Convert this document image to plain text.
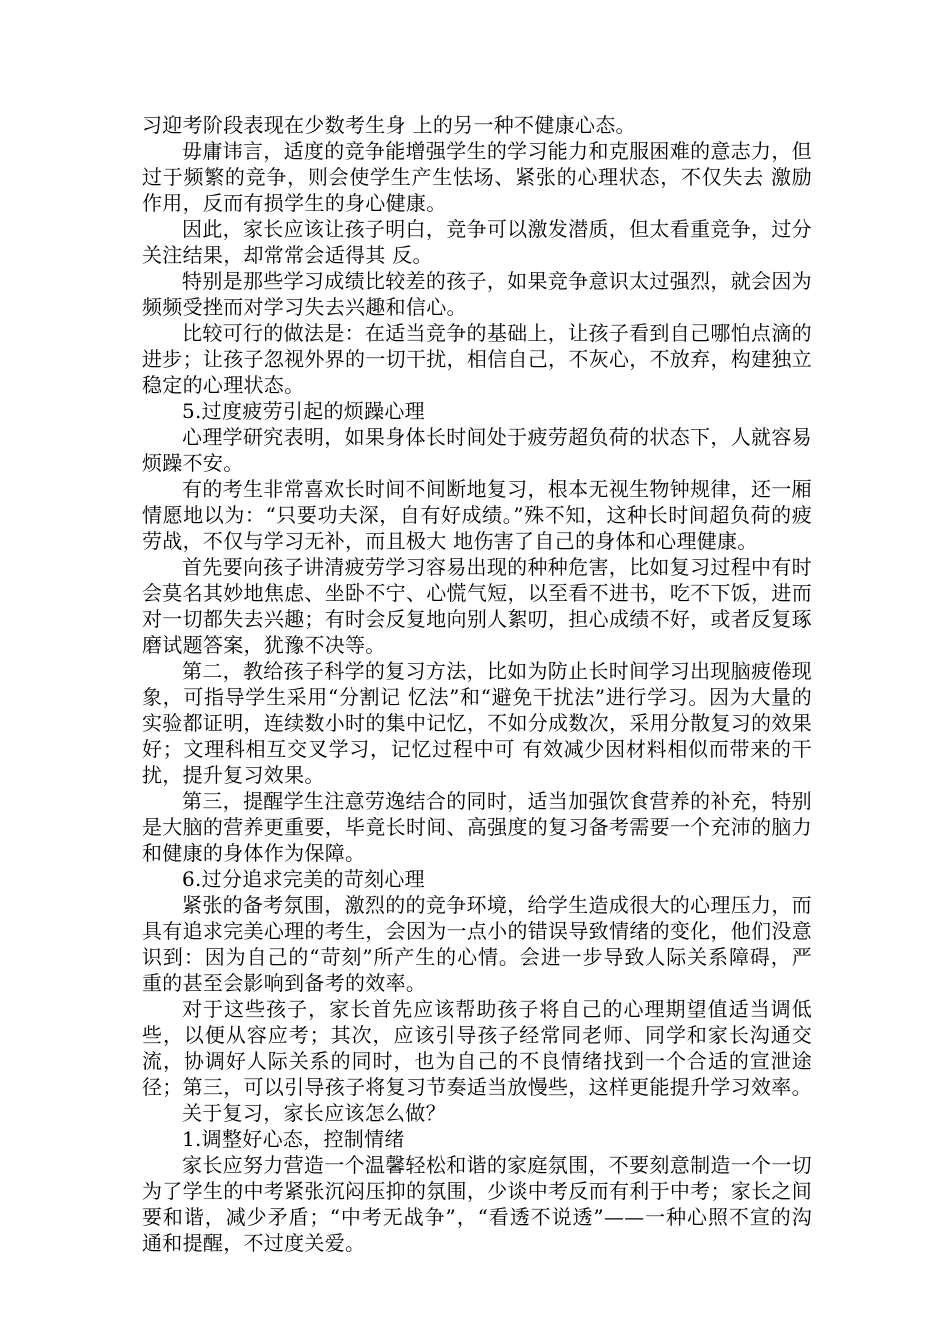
习迎考阶段表现在少数考生身 上的另一种不健康心态。

毋庸讳言，适度的竞争能增强学生的学习能力和克服困难的意志力，但过于频繁的竞争，则会使学生产生怯场、紧张的心理状态，不仅失去 激励作用，反而有损学生的身心健康。

因此，家长应该让孩子明白，竞争可以激发潜质，但太看重竞争，过分关注结果，却常常会适得其 反。

特别是那些学习成绩比较差的孩子，如果竞争意识太过强烈，就会因为频频受挫而对学习失去兴趣和信心。

比较可行的做法是：在适当竞争的基础上，让孩子看到自己哪怕点滴的进步；让孩子忽视外界的一切干扰，相信自己，不灰心，不放弃，构建独立稳定的心理状态。

5.过度疲劳引起的烦躁心理

心理学研究表明，如果身体长时间处于疲劳超负荷的状态下，人就容易烦躁不安。

有的考生非常喜欢长时间不间断地复习，根本无视生物钟规律，还一厢情愿地以为：“只要功夫深，自有好成绩。”殊不知，这种长时间超负荷的疲劳战，不仅与学习无补，而且极大 地伤害了自己的身体和心理健康。

首先要向孩子讲清疲劳学习容易出现的种种危害，比如复习过程中有时会莫名其妙地焦虑、坐卧不宁、心慌气短，以至看不进书，吃不下饭，进而对一切都失去兴趣；有时会反复地向别人絮叨，担心成绩不好，或者反复琢磨试题答案，犹豫不决等。

第二，教给孩子科学的复习方法，比如为防止长时间学习出现脑疲倦现象，可指导学生采用“分割记 忆法”和“避免干扰法”进行学习。因为大量的实验都证明，连续数小时的集中记忆，不如分成数次，采用分散复习的效果好；文理科相互交叉学习，记忆过程中可 有效减少因材料相似而带来的干扰，提升复习效果。

第三，提醒学生注意劳逸结合的同时，适当加强饮食营养的补充，特别是大脑的营养更重要，毕竟长时间、高强度的复习备考需要一个充沛的脑力和健康的身体作为保障。

6.过分追求完美的苛刻心理

紧张的备考氛围，激烈的的竞争环境，给学生造成很大的心理压力，而具有追求完美心理的考生，会因为一点小的错误导致情绪的变化，他们没意识到：因为自己的“苛刻”所产生的心情。会进一步导致人际关系障碍，严重的甚至会影响到备考的效率。

对于这些孩子，家长首先应该帮助孩子将自己的心理期望值适当调低些，以便从容应考；其次，应该引导孩子经常同老师、同学和家长沟通交流，协调好人际关系的同时，也为自己的不良情绪找到一个合适的宣泄途径；第三，可以引导孩子将复习节奏适当放慢些，这样更能提升学习效率。

关于复习，家长应该怎么做？

1.调整好心态，控制情绪

家长应努力营造一个温馨轻松和谐的家庭氛围，不要刻意制造一个一切为了学生的中考紧张沉闷压抑的氛围，少谈中考反而有利于中考；家长之间要和谐，减少矛盾；“中考无战争”，“看透不说透”——一种心照不宣的沟通和提醒，不过度关爱。
